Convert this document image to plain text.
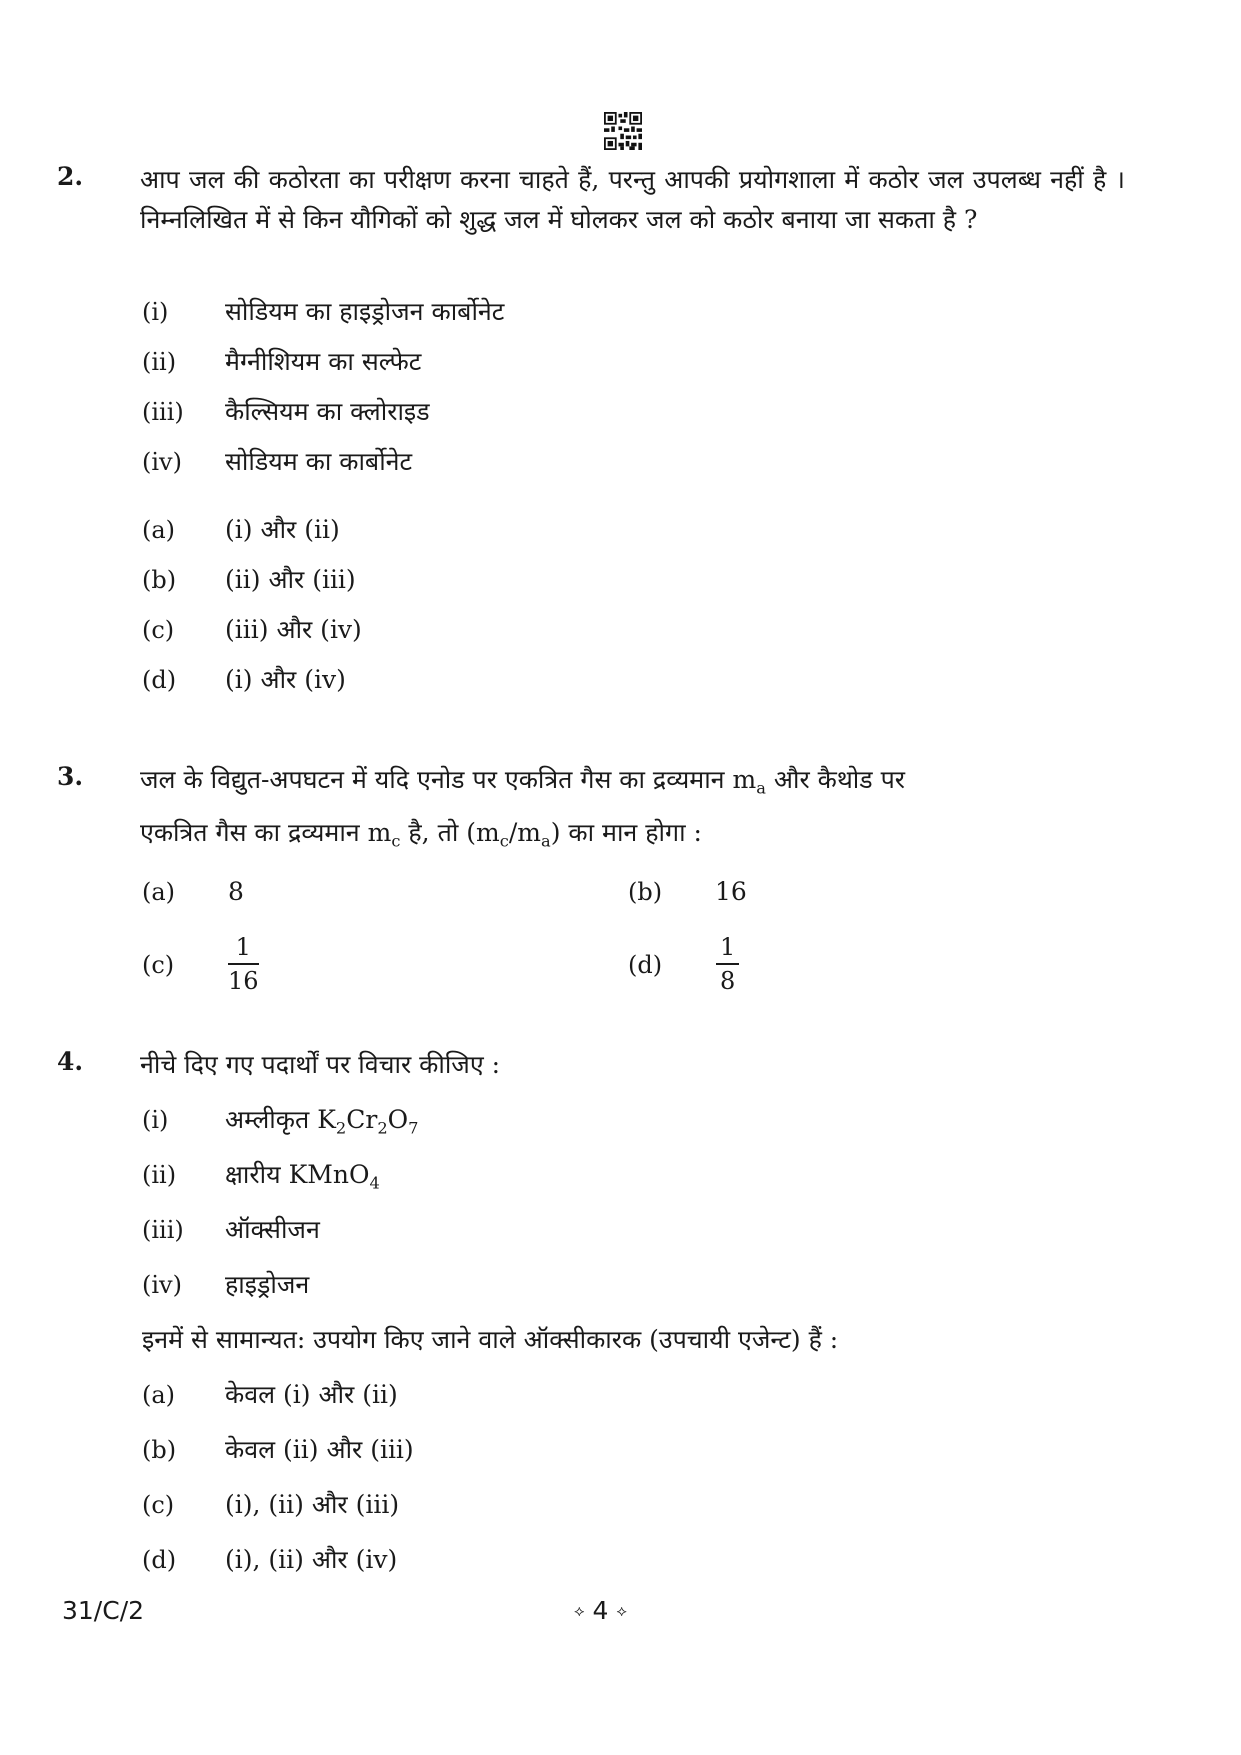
2. आप जल की कठोरता का परीक्षण करना चाहते हैं, परन्तु आपकी प्रयोगशाला में कठोर जल उपलब्ध नहीं है । निम्नलिखित में से किन यौगिकों को शुद्ध जल में घोलकर जल को कठोर बनाया जा सकता है ?
(i) सोडियम का हाइड्रोजन कार्बोनेट
(ii) मैग्नीशियम का सल्फेट
(iii) कैल्सियम का क्लोराइड
(iv) सोडियम का कार्बोनेट
(a) (i) और (ii)
(b) (ii) और (iii)
(c) (iii) और (iv)
(d) (i) और (iv)
3. जल के विद्युत-अपघटन में यदि एनोड पर एकत्रित गैस का द्रव्यमान $m_a$ और कैथोड पर
एकत्रित गैस का द्रव्यमान $m_c$ है, तो $(m_c/m_a)$ का मान होगा :
(a) 8	(b) 16
(c)
1
16
(d)
1
8
4. नीचे दिए गए पदार्थों पर विचार कीजिए :
(i) अम्लीकृत $K_2Cr_2O_7$
(ii) क्षारीय KMnO$_4$
(iii) ऑक्सीजन
(iv) हाइड्रोजन
इनमें से सामान्यत: उपयोग किए जाने वाले ऑक्सीकारक (उपचायी एजेन्ट) हैं :
(a) केवल (i) और (ii)
(b) केवल (ii) और (iii)
(c) (i), (ii) और (iii)
(d) (i), (ii) और (iv)
31/C/2	⟡ 4 ⟡
